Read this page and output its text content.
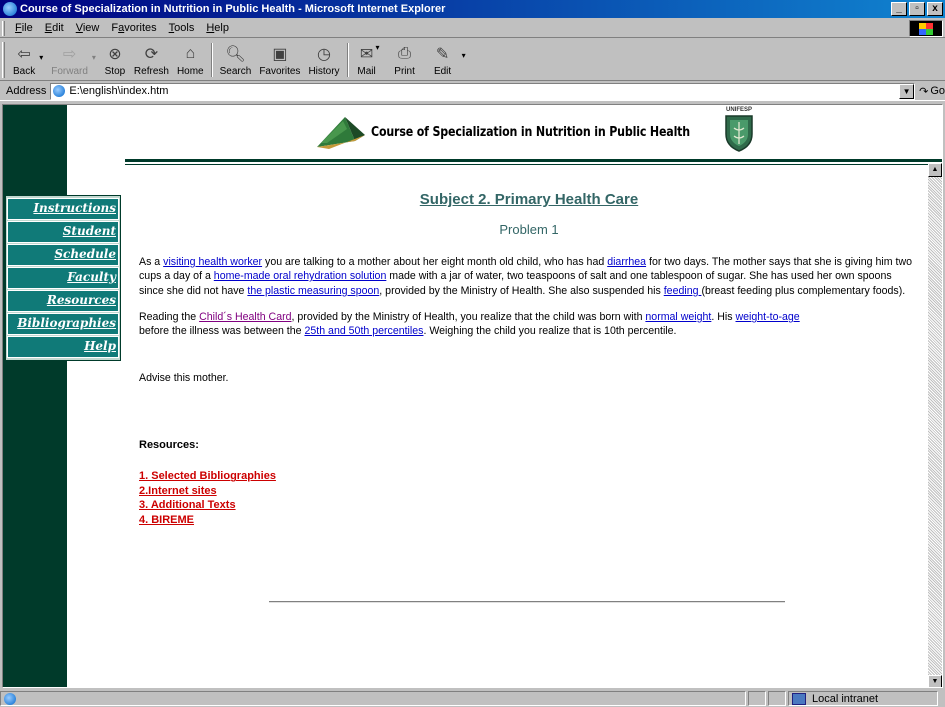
Course of Specialization in Nutrition in Public Health - Microsoft Internet Explorer	_	▫	x
File	Edit	View	Favorites	Tools	Help
⇦
Back
▾ ⇨
Forward
▾ ⊗
Stop
⟳
Refresh
⌂
Home
🔍︎
Search
▣
Favorites
◷
History
✉
Mail
▾ ⎙
Print
✎
Edit
▾
Address E:\english\index.htm	▼ ↷ Go
Course of Specialization in Nutrition in Public Health
UNIFESP
Instructions
Student
Schedule
Faculty
Resources
Bibliographies
Help
Subject 2. Primary Health Care
Problem 1

As a visiting health worker you are talking to a mother about her eight month old child, who has had diarrhea for two days. The mother says that she is giving him two cups a day of a home-made oral rehydration solution made with a jar of water, two teaspoons of salt and one tablespoon of sugar. She has used her own spoons since she did not have the plastic measuring spoon, provided by the Ministry of Health. She also suspended his feeding (breast feeding plus complementary foods).

Reading the Child´s Health Card, provided by the Ministry of Health, you realize that the child was born with normal weight. His weight-to-age
before the illness was between the 25th and 50th percentiles. Weighing the child you realize that is 10th percentile.

Advise this mother.

Resources:

1. Selected Bibliographies
2.Internet sites
3. Additional Texts
4. BIREME
▲
▼
Local intranet
